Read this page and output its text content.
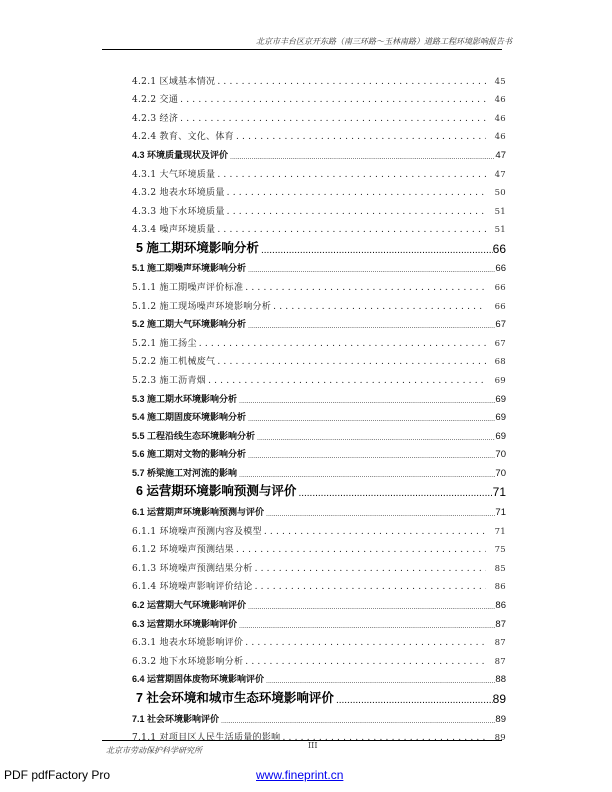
北京市丰台区京开东路（南三环路～玉林南路）道路工程环境影响报告书
4.2.1 区域基本情况 .....	45
4.2.2 交通 .....	46
4.2.3 经济 .....	46
4.2.4 教育、文化、体育 .....	46
4.3 环境质量现状及评价 .....	47
4.3.1 大气环境质量 .....	47
4.3.2 地表水环境质量 .....	50
4.3.3 地下水环境质量 .....	51
4.3.4 噪声环境质量 .....	51
5 施工期环境影响分析 .....	66
5.1 施工期噪声环境影响分析 .....	66
5.1.1 施工期噪声评价标准 .....	66
5.1.2 施工现场噪声环境影响分析 .....	66
5.2 施工期大气环境影响分析 .....	67
5.2.1 施工扬尘 .....	67
5.2.2 施工机械废气 .....	68
5.2.3 施工沥青烟 .....	69
5.3 施工期水环境影响分析 .....	69
5.4 施工期固废环境影响分析 .....	69
5.5 工程沿线生态环境影响分析 .....	69
5.6 施工期对文物的影响分析 .....	70
5.7 桥梁施工对河流的影响 .....	70
6 运营期环境影响预测与评价 .....	71
6.1 运营期声环境影响预测与评价 .....	71
6.1.1 环境噪声预测内容及模型 .....	71
6.1.2 环境噪声预测结果 .....	75
6.1.3 环境噪声预测结果分析 .....	85
6.1.4 环境噪声影响评价结论 .....	86
6.2 运营期大气环境影响评价 .....	86
6.3 运营期水环境影响评价 .....	87
6.3.1 地表水环境影响评价 .....	87
6.3.2 地下水环境影响分析 .....	87
6.4 运营期固体废物环境影响评价 .....	88
7 社会环境和城市生态环境影响评价 .....	89
7.1 社会环境影响评价 .....	89
7.1.1 对项目区人民生活质量的影响 .....	89
北京市劳动保护科学研究所
III
PDF pdfFactory Pro	www.fineprint.cn
